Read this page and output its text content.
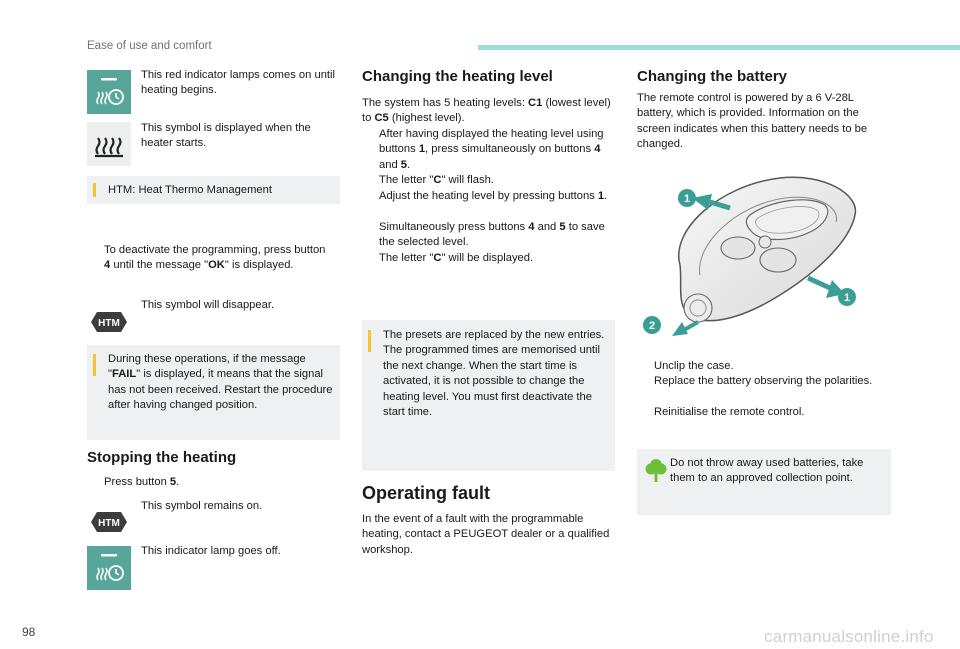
Ease of use and comfort
This red indicator lamps comes on until heating begins.
This symbol is displayed when the heater starts.
HTM: Heat Thermo Management
To deactivate the programming, press button 4 until the message "OK" is displayed.
HTM
This symbol will disappear.
During these operations, if the message "FAIL" is displayed, it means that the signal has not been received. Restart the procedure after having changed position.
Stopping the heating
Press button 5.
HTM
This symbol remains on.
This indicator lamp goes off.
Changing the heating level
The system has 5 heating levels: C1 (lowest level) to C5 (highest level).
After having displayed the heating level using buttons 1, press simultaneously on buttons 4 and 5.
The letter "C" will flash.
Adjust the heating level by pressing buttons 1.
Simultaneously press buttons 4 and 5 to save the selected level.
The letter "C" will be displayed.
The presets are replaced by the new entries. The programmed times are memorised until the next change. When the start time is activated, it is not possible to change the heating level. You must first deactivate the start time.
Operating fault
In the event of a fault with the programmable heating, contact a PEUGEOT dealer or a qualified workshop.
Changing the battery
The remote control is powered by a 6 V-28L battery, which is provided. Information on the screen indicates when this battery needs to be changed.
1
1
2
Unclip the case.
Replace the battery observing the polarities.
Reinitialise the remote control.
Do not throw away used batteries, take them to an approved collection point.
98	carmanualsonline.info
